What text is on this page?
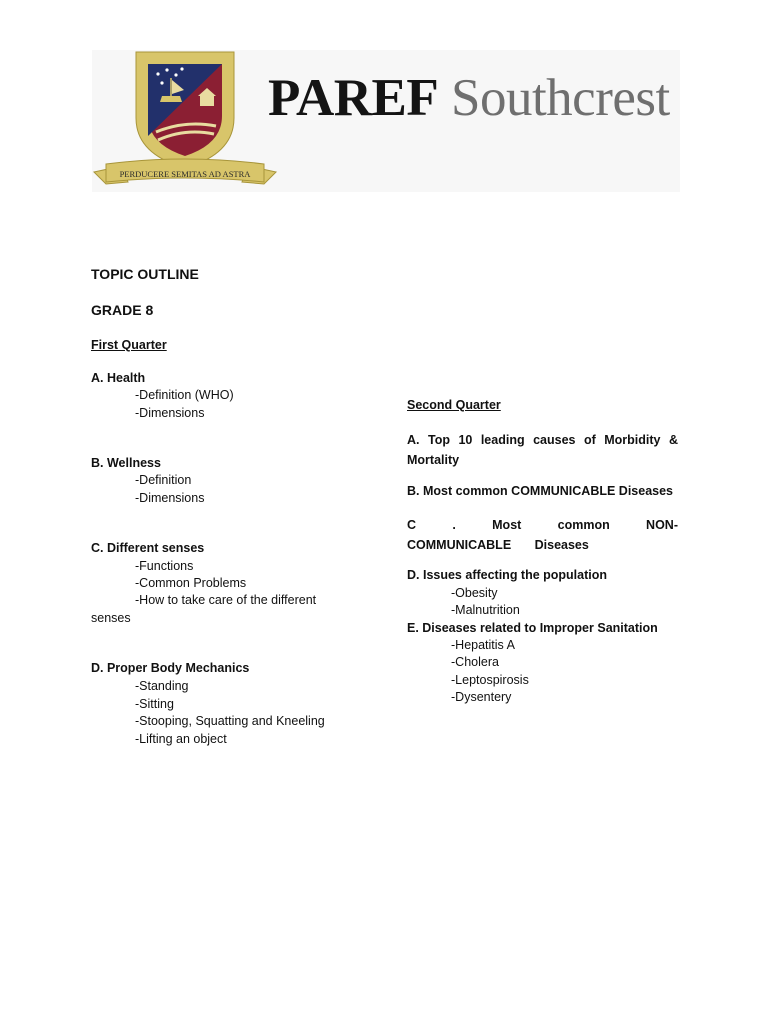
PERDUCERE SEMITAS AD ASTRA
PAREF Southcrest
TOPIC OUTLINE
GRADE 8
First Quarter
A. Health
-Definition (WHO)
-Dimensions
B. Wellness
-Definition
-Dimensions
C. Different senses
-Functions
-Common Problems
-How to take care of the different
senses
D. Proper Body Mechanics
-Standing
-Sitting
-Stooping, Squatting and Kneeling
-Lifting an object
Second Quarter
A. Top 10 leading causes of Morbidity & Mortality
B. Most common COMMUNICABLE Diseases
C . Most common NON-COMMUNICABLE Diseases
D. Issues affecting the population
-Obesity
-Malnutrition
E. Diseases related to Improper Sanitation
-Hepatitis A
-Cholera
-Leptospirosis
-Dysentery
